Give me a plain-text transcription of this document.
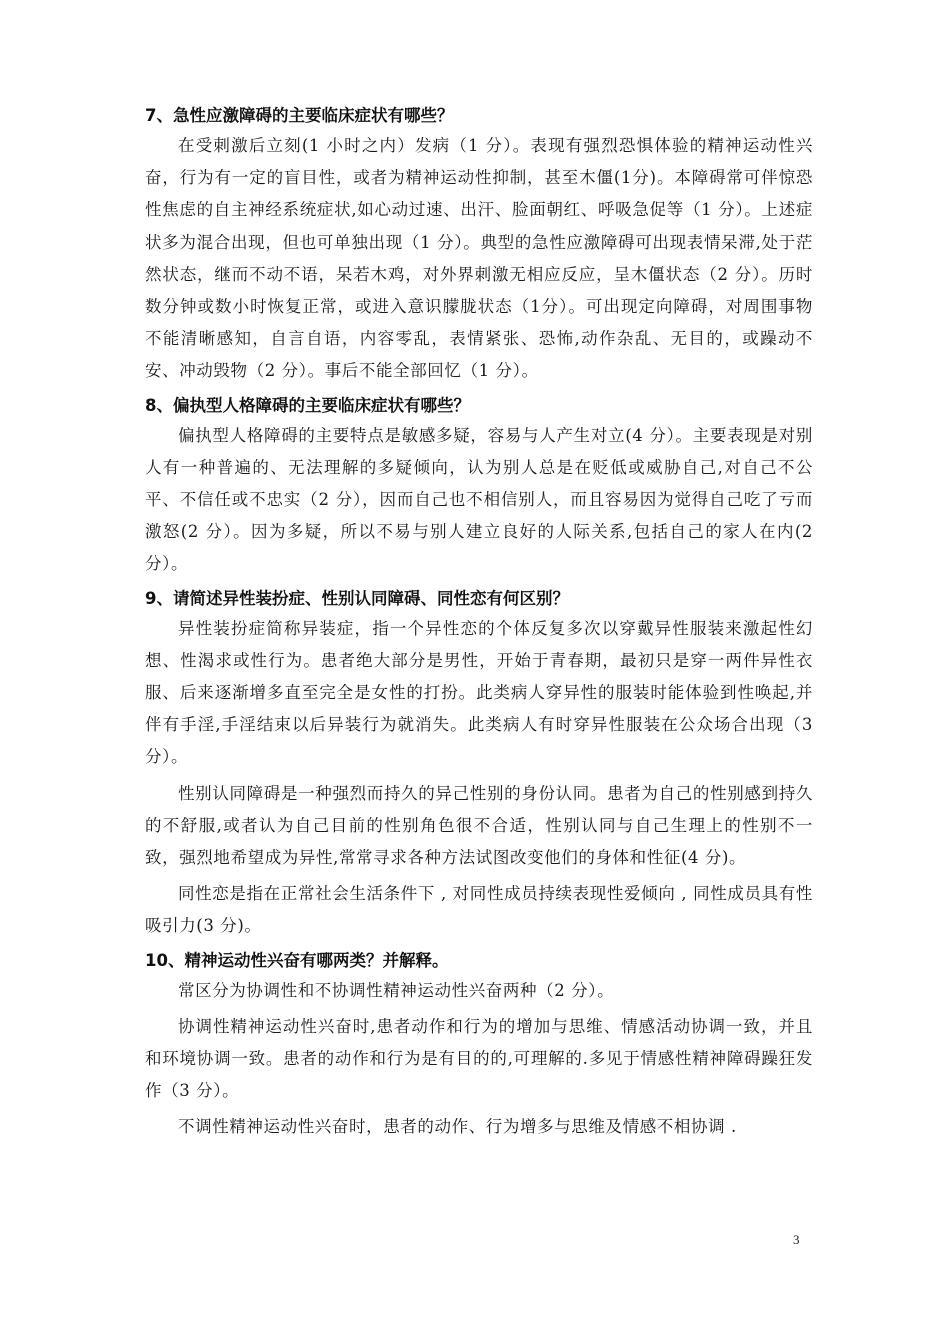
7、急性应激障碍的主要临床症状有哪些？

在受刺激后立刻(1 小时之内）发病（1 分）。表现有强烈恐惧体验的精神运动性兴奋，行为有一定的盲目性，或者为精神运动性抑制，甚至木僵(1分)。本障碍常可伴惊恐性焦虑的自主神经系统症状,如心动过速、出汗、脸面朝红、呼吸急促等（1 分）。上述症状多为混合出现，但也可单独出现（1 分）。典型的急性应激障碍可出现表情呆滞,处于茫然状态，继而不动不语，呆若木鸡，对外界刺激无相应反应，呈木僵状态（2 分）。历时数分钟或数小时恢复正常，或进入意识朦胧状态（1分）。可出现定向障碍，对周围事物不能清晰感知，自言自语，内容零乱，表情紧张、恐怖,动作杂乱、无目的，或躁动不安、冲动毁物（2 分）。事后不能全部回忆（1 分）。

8、偏执型人格障碍的主要临床症状有哪些？

偏执型人格障碍的主要特点是敏感多疑，容易与人产生对立(4 分）。主要表现是对别人有一种普遍的、无法理解的多疑倾向，认为别人总是在贬低或威胁自己,对自己不公平、不信任或不忠实（2 分），因而自己也不相信别人，而且容易因为觉得自己吃了亏而激怒(2 分）。因为多疑，所以不易与别人建立良好的人际关系,包括自己的家人在内(2 分）。

9、请简述异性装扮症、性别认同障碍、同性恋有何区别？

异性装扮症简称异装症，指一个异性恋的个体反复多次以穿戴异性服装来激起性幻想、性渴求或性行为。患者绝大部分是男性，开始于青春期，最初只是穿一两件异性衣服、后来逐渐增多直至完全是女性的打扮。此类病人穿异性的服装时能体验到性唤起,并伴有手淫,手淫结束以后异装行为就消失。此类病人有时穿异性服装在公众场合出现（3 分）。

性别认同障碍是一种强烈而持久的异己性别的身份认同。患者为自己的性别感到持久的不舒服,或者认为自己目前的性别角色很不合适，性别认同与自己生理上的性别不一致，强烈地希望成为异性,常常寻求各种方法试图改变他们的身体和性征(4 分)。

同性恋是指在正常社会生活条件下 , 对同性成员持续表现性爱倾向 , 同性成员具有性吸引力(3 分)。

10、精神运动性兴奋有哪两类？并解释。

常区分为协调性和不协调性精神运动性兴奋两种（2 分）。

协调性精神运动性兴奋时,患者动作和行为的增加与思维、情感活动协调一致，并且和环境协调一致。患者的动作和行为是有目的的,可理解的.多见于情感性精神障碍躁狂发作（3 分）。

不调性精神运动性兴奋时，患者的动作、行为增多与思维及情感不相协调 .

3
